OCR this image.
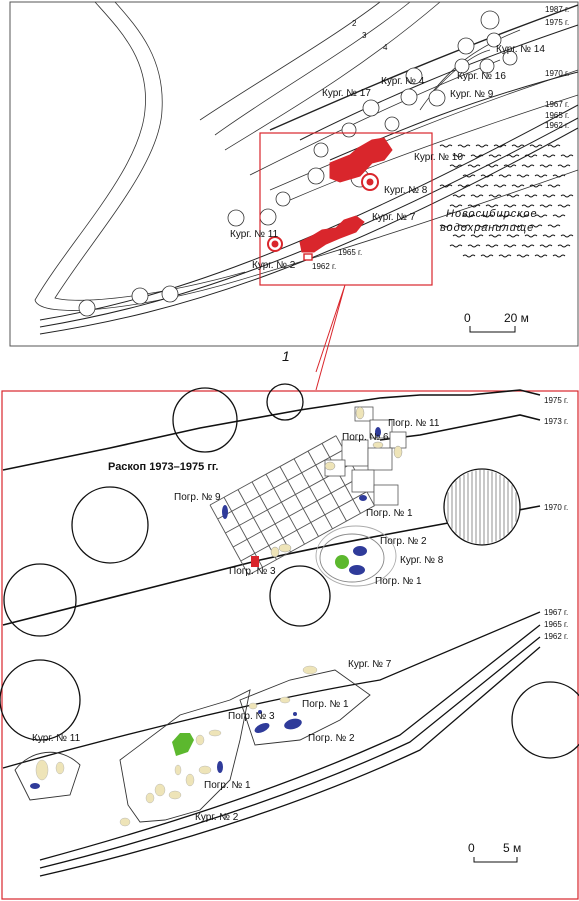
2
3
4
1987 г.
1975 г.
1970 г.
1967 г.
1965 г.
1962 г.
Кург. № 14
Кург. № 16
Кург. № 4
Кург. № 17	Кург. № 9
Кург. № 10
Кург. № 8
Кург. № 7
Кург. № 11
Кург. № 2
1965 г.
1962 г.
Новосибирское
водохранилище
0	20 м
1
1975 г.
1973 г.
1970 г.
1967 г.
1965 г.
1962 г.
Раскоп 1973–1975 гг.
Погр. № 6
Погр. № 11
Погр. № 9
Погр. № 1
Погр. № 2
Кург. № 8
Погр. № 1
Погр. № 3
Кург. № 7
Погр. № 1
Погр. № 3
Погр. № 2
Кург. № 11
Погр. № 1
Кург. № 2
0 5 м
